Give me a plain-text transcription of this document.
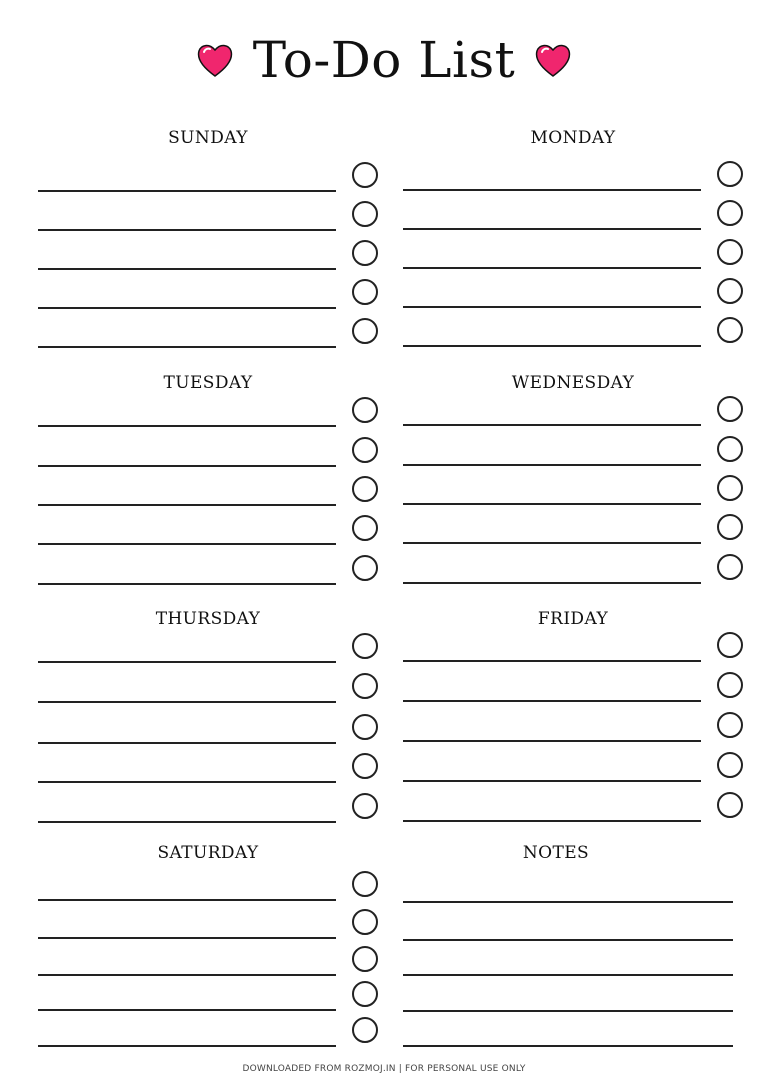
To-Do List
SUNDAY	MONDAY
TUESDAY	WEDNESDAY
THURSDAY	FRIDAY
SATURDAY	NOTES
DOWNLOADED FROM ROZMOJ.IN | FOR PERSONAL USE ONLY
